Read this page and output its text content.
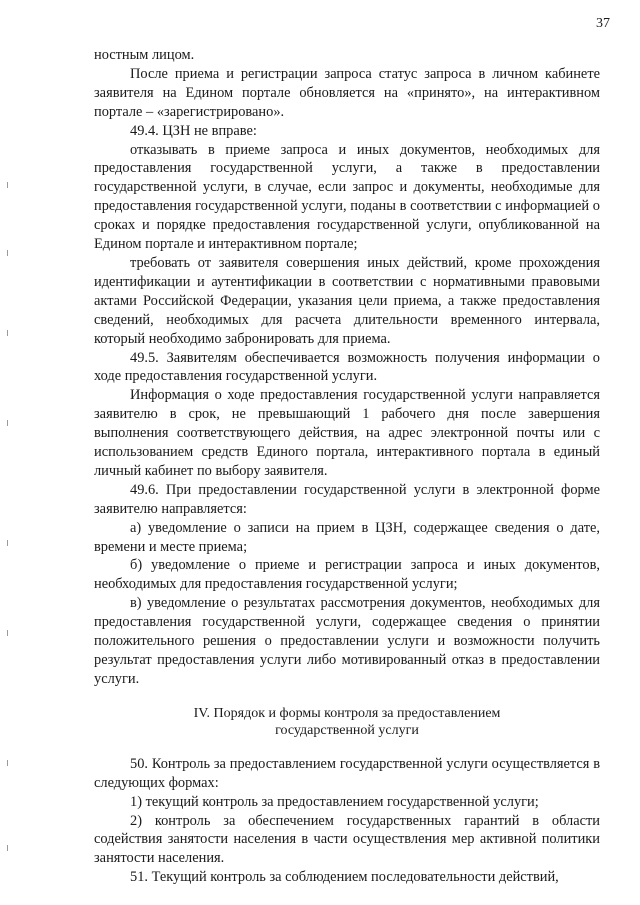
37

ностным лицом.

После приема и регистрации запроса статус запроса в личном кабинете заявителя на Едином портале обновляется на «принято», на интерактивном портале – «зарегистрировано».

49.4. ЦЗН не вправе:

отказывать в приеме запроса и иных документов, необходимых для предоставления государственной услуги, а также в предоставлении государственной услуги, в случае, если запрос и документы, необходимые для предоставления государственной услуги, поданы в соответствии с информацией о сроках и порядке предоставления государственной услуги, опубликованной на Едином портале и интерактивном портале;

требовать от заявителя совершения иных действий, кроме прохождения идентификации и аутентификации в соответствии с нормативными правовыми актами Российской Федерации, указания цели приема, а также предоставления сведений, необходимых для расчета длительности временного интервала, который необходимо забронировать для приема.

49.5. Заявителям обеспечивается возможность получения информации о ходе предоставления государственной услуги.

Информация о ходе предоставления государственной услуги направляется заявителю в срок, не превышающий 1 рабочего дня после завершения выполнения соответствующего действия, на адрес электронной почты или с использованием средств Единого портала, интерактивного портала в единый личный кабинет по выбору заявителя.

49.6. При предоставлении государственной услуги в электронной форме заявителю направляется:

а) уведомление о записи на прием в ЦЗН, содержащее сведения о дате, времени и месте приема;

б) уведомление о приеме и регистрации запроса и иных документов, необходимых для предоставления государственной услуги;

в) уведомление о результатах рассмотрения документов, необходимых для предоставления государственной услуги, содержащее сведения о принятии положительного решения о предоставлении услуги и возможности получить результат предоставления услуги либо мотивированный отказ в предоставлении услуги.

IV. Порядок и формы контроля за предоставлением
государственной услуги

50. Контроль за предоставлением государственной услуги осуществляется в следующих формах:

1) текущий контроль за предоставлением государственной услуги;

2) контроль за обеспечением государственных гарантий в области содействия занятости населения в части осуществления мер активной политики занятости населения.

51. Текущий контроль за соблюдением последовательности действий,
